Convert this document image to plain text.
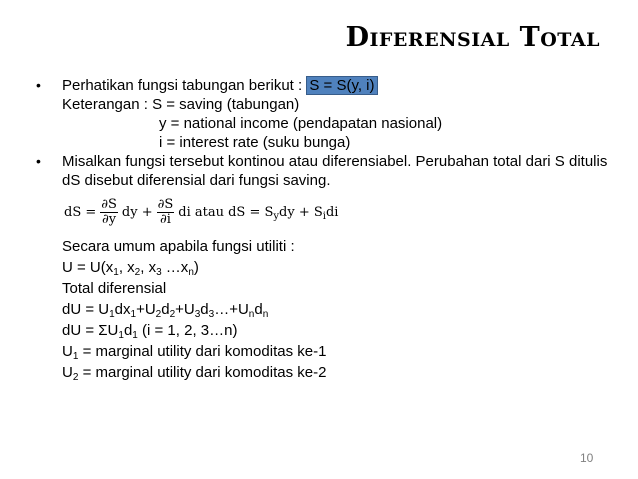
Diferensial Total
• Perhatikan fungsi tabungan berikut : S = S(y, i)
Keterangan : S = saving (tabungan)
y = national income (pendapatan nasional)
i = interest rate (suku bunga)
• Misalkan fungsi tersebut kontinou atau diferensiabel. Perubahan total dari S ditulis dS disebut diferensial dari fungsi saving.
dS = $\frac{\partial S}{\partial y}$ dy + $\frac{\partial S}{\partial i}$ di atau dS = $S_ydy + S_idi$
Secara umum apabila fungsi utiliti :
$U = U(x_1$, $x_2$, $x_3$ $\dots x_n$)
Total diferensial
dU = $U_1dx_1+U_2d_2+U_3d_3\dots+U_nd_n$
dU = $\Sigma U_1d_1$ (i = 1, 2, 3…n)
$U_1$ = marginal utility dari komoditas ke-1
$U_2$ = marginal utility dari komoditas ke-2
10
